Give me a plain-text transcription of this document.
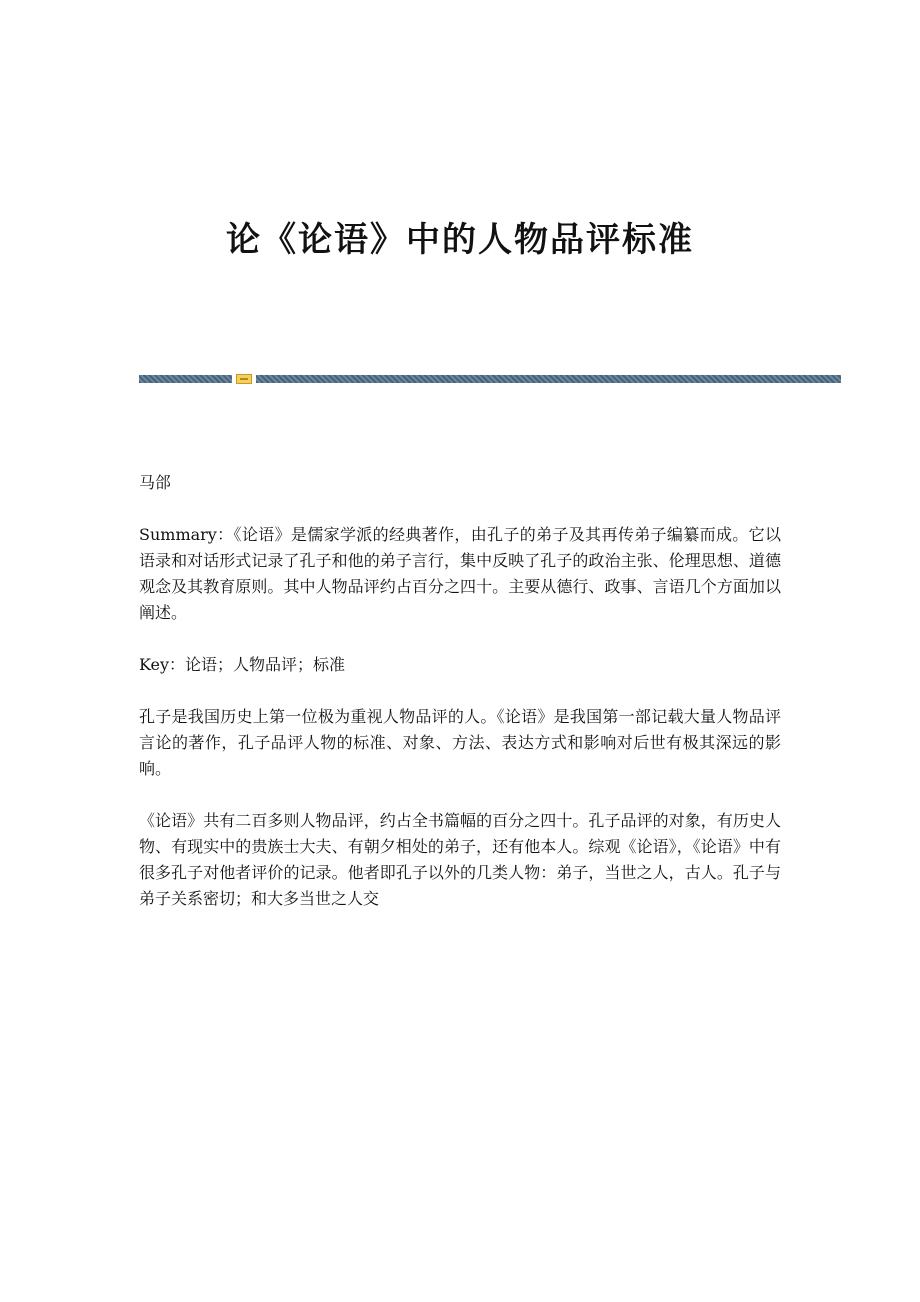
论《论语》中的人物品评标准

马郃

Summary：《论语》是儒家学派的经典著作，由孔子的弟子及其再传弟子编纂而成。它以语录和对话形式记录了孔子和他的弟子言行，集中反映了孔子的政治主张、伦理思想、道德观念及其教育原则。其中人物品评约占百分之四十。主要从德行、政事、言语几个方面加以阐述。

Key：论语；人物品评；标准

孔子是我国历史上第一位极为重视人物品评的人。《论语》是我国第一部记载大量人物品评言论的著作，孔子品评人物的标准、对象、方法、表达方式和影响对后世有极其深远的影响。

《论语》共有二百多则人物品评，约占全书篇幅的百分之四十。孔子品评的对象，有历史人物、有现实中的贵族士大夫、有朝夕相处的弟子，还有他本人。综观《论语》，《论语》中有很多孔子对他者评价的记录。他者即孔子以外的几类人物：弟子，当世之人，古人。孔子与弟子关系密切；和大多当世之人交
